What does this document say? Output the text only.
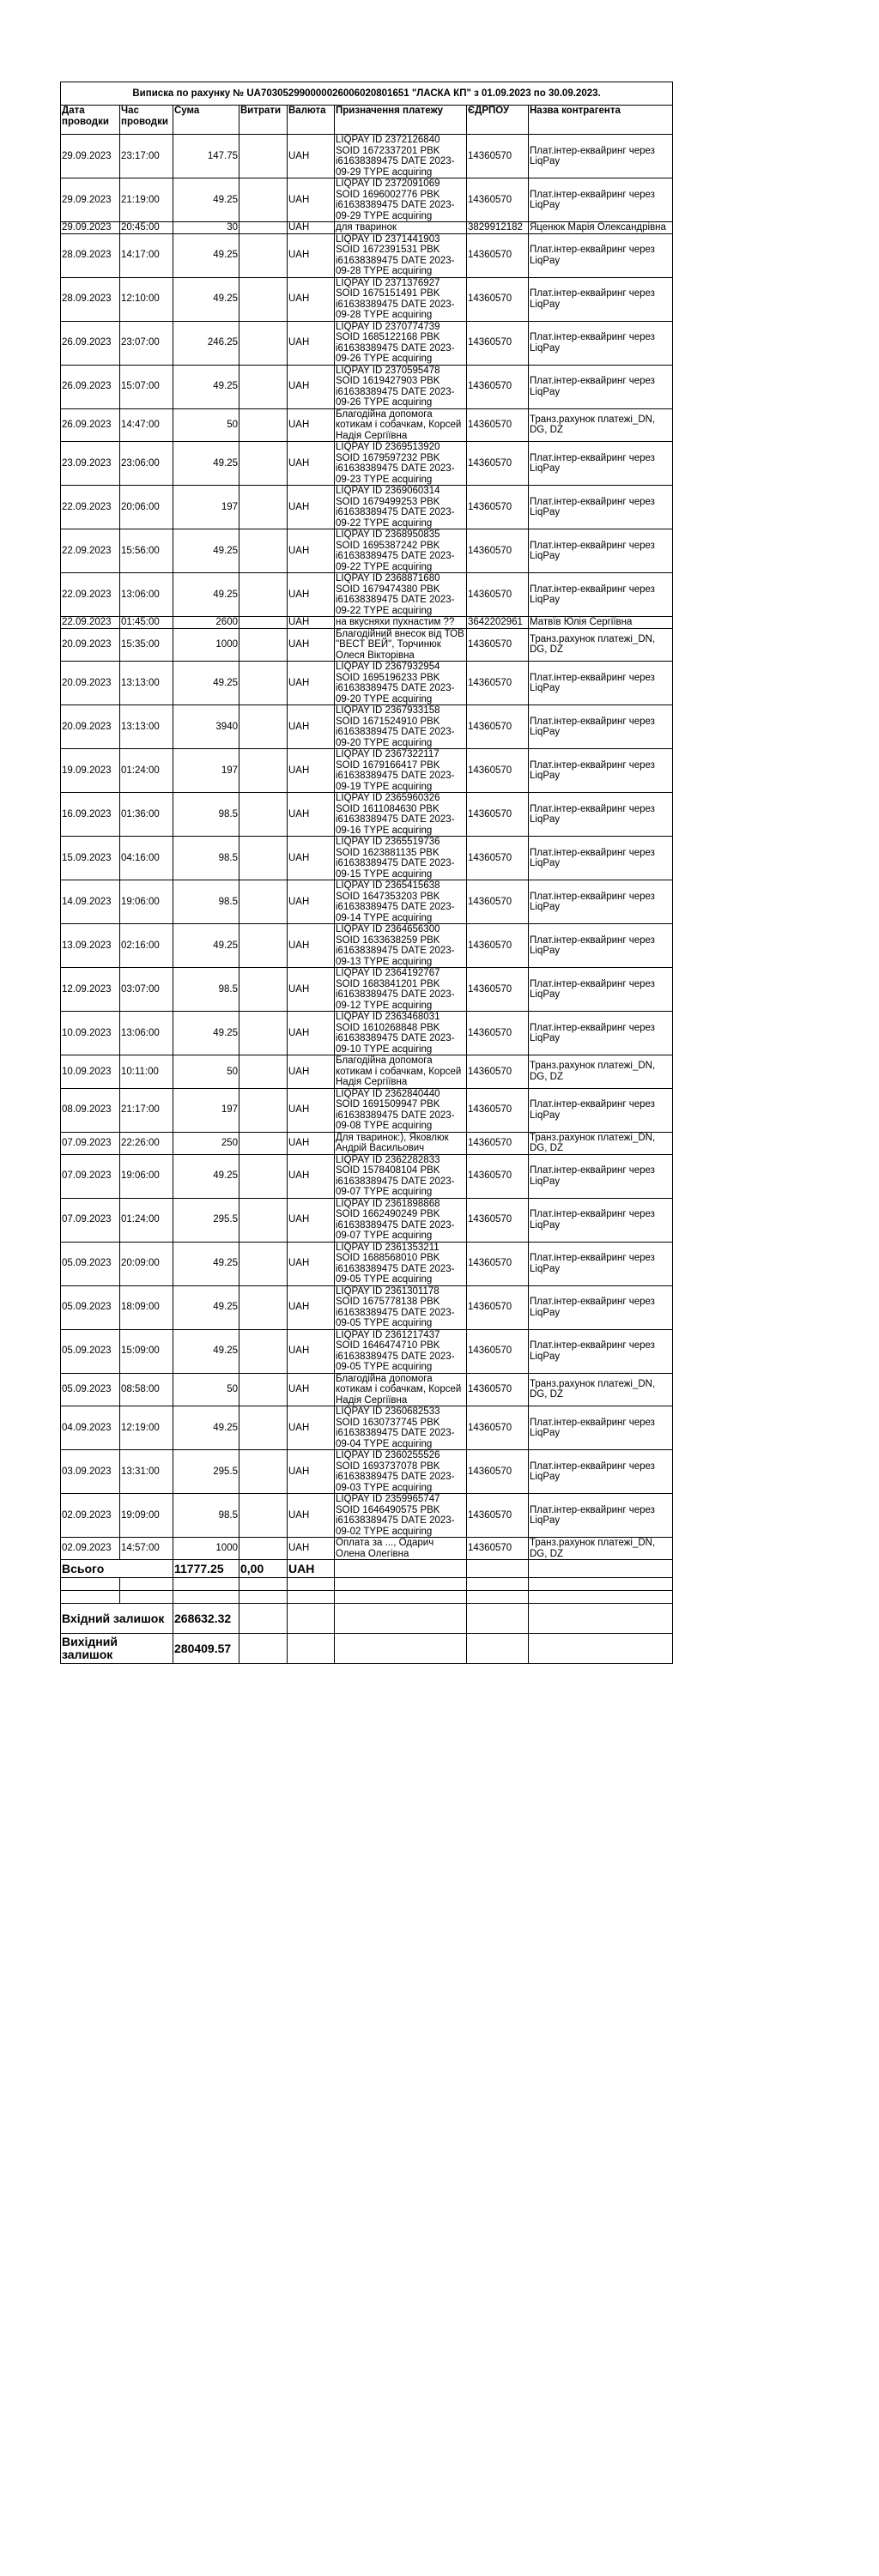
Виписка по рахунку № UA703052990000026006020801651 "ЛАСКА КП" з 01.09.2023 по 30.09.2023.							
Дата проводки	Час проводки	Сума	Витрати	Валюта	Призначення платежу	ЄДРПОУ	Назва контрагента
29.09.2023	23:17:00	147.75		UAH	LIQPAY ID 2372126840 SOID 1672337201 PBK i61638389475 DATE 2023-09-29 TYPE acquiring	14360570	Плат.інтер-еквайринг через LiqPay
29.09.2023	21:19:00	49.25		UAH	LIQPAY ID 2372091069 SOID 1696002776 PBK i61638389475 DATE 2023-09-29 TYPE acquiring	14360570	Плат.інтер-еквайринг через LiqPay
29.09.2023	20:45:00	30		UAH	для тваринок	3829912182	Яценюк Марія Олександрівна
28.09.2023	14:17:00	49.25		UAH	LIQPAY ID 2371441903 SOID 1672391531 PBK i61638389475 DATE 2023-09-28 TYPE acquiring	14360570	Плат.інтер-еквайринг через LiqPay
28.09.2023	12:10:00	49.25		UAH	LIQPAY ID 2371376927 SOID 1675151491 PBK i61638389475 DATE 2023-09-28 TYPE acquiring	14360570	Плат.інтер-еквайринг через LiqPay
26.09.2023	23:07:00	246.25		UAH	LIQPAY ID 2370774739 SOID 1685122168 PBK i61638389475 DATE 2023-09-26 TYPE acquiring	14360570	Плат.інтер-еквайринг через LiqPay
26.09.2023	15:07:00	49.25		UAH	LIQPAY ID 2370595478 SOID 1619427903 PBK i61638389475 DATE 2023-09-26 TYPE acquiring	14360570	Плат.інтер-еквайринг через LiqPay
26.09.2023	14:47:00	50		UAH	Благодійна допомога котикам і собачкам, Корсей Надія Сергіївна	14360570	Транз.рахунок платежі_DN, DG, DZ
23.09.2023	23:06:00	49.25		UAH	LIQPAY ID 2369513920 SOID 1679597232 PBK i61638389475 DATE 2023-09-23 TYPE acquiring	14360570	Плат.інтер-еквайринг через LiqPay
22.09.2023	20:06:00	197		UAH	LIQPAY ID 2369060314 SOID 1679499253 PBK i61638389475 DATE 2023-09-22 TYPE acquiring	14360570	Плат.інтер-еквайринг через LiqPay
22.09.2023	15:56:00	49.25		UAH	LIQPAY ID 2368950835 SOID 1695387242 PBK i61638389475 DATE 2023-09-22 TYPE acquiring	14360570	Плат.інтер-еквайринг через LiqPay
22.09.2023	13:06:00	49.25		UAH	LIQPAY ID 2368871680 SOID 1679474380 PBK i61638389475 DATE 2023-09-22 TYPE acquiring	14360570	Плат.інтер-еквайринг через LiqPay
22.09.2023	01:45:00	2600		UAH	на вкусняхи пухнастим ??	3642202961	Матвїв Юлія Сергіївна
20.09.2023	15:35:00	1000		UAH	Благодійний внесок від ТОВ "ВЕСТ ВЕЙ", Торчинюк Олеся Вікторівна	14360570	Транз.рахунок платежі_DN, DG, DZ
20.09.2023	13:13:00	49.25		UAH	LIQPAY ID 2367932954 SOID 1695196233 PBK i61638389475 DATE 2023-09-20 TYPE acquiring	14360570	Плат.інтер-еквайринг через LiqPay
20.09.2023	13:13:00	3940		UAH	LIQPAY ID 2367933158 SOID 1671524910 PBK i61638389475 DATE 2023-09-20 TYPE acquiring	14360570	Плат.інтер-еквайринг через LiqPay
19.09.2023	01:24:00	197		UAH	LIQPAY ID 2367322117 SOID 1679166417 PBK i61638389475 DATE 2023-09-19 TYPE acquiring	14360570	Плат.інтер-еквайринг через LiqPay
16.09.2023	01:36:00	98.5		UAH	LIQPAY ID 2365960326 SOID 1611084630 PBK i61638389475 DATE 2023-09-16 TYPE acquiring	14360570	Плат.інтер-еквайринг через LiqPay
15.09.2023	04:16:00	98.5		UAH	LIQPAY ID 2365519736 SOID 1623881135 PBK i61638389475 DATE 2023-09-15 TYPE acquiring	14360570	Плат.інтер-еквайринг через LiqPay
14.09.2023	19:06:00	98.5		UAH	LIQPAY ID 2365415638 SOID 1647353203 PBK i61638389475 DATE 2023-09-14 TYPE acquiring	14360570	Плат.інтер-еквайринг через LiqPay
13.09.2023	02:16:00	49.25		UAH	LIQPAY ID 2364656300 SOID 1633638259 PBK i61638389475 DATE 2023-09-13 TYPE acquiring	14360570	Плат.інтер-еквайринг через LiqPay
12.09.2023	03:07:00	98.5		UAH	LIQPAY ID 2364192767 SOID 1683841201 PBK i61638389475 DATE 2023-09-12 TYPE acquiring	14360570	Плат.інтер-еквайринг через LiqPay
10.09.2023	13:06:00	49.25		UAH	LIQPAY ID 2363468031 SOID 1610268848 PBK i61638389475 DATE 2023-09-10 TYPE acquiring	14360570	Плат.інтер-еквайринг через LiqPay
10.09.2023	10:11:00	50		UAH	Благодійна допомога котикам і собачкам, Корсей Надія Сергіївна	14360570	Транз.рахунок платежі_DN, DG, DZ
08.09.2023	21:17:00	197		UAH	LIQPAY ID 2362840440 SOID 1691509947 PBK i61638389475 DATE 2023-09-08 TYPE acquiring	14360570	Плат.інтер-еквайринг через LiqPay
07.09.2023	22:26:00	250		UAH	Для тваринок:), Яковлюк Андрій Васильович	14360570	Транз.рахунок платежі_DN, DG, DZ
07.09.2023	19:06:00	49.25		UAH	LIQPAY ID 2362282833 SOID 1578408104 PBK i61638389475 DATE 2023-09-07 TYPE acquiring	14360570	Плат.інтер-еквайринг через LiqPay
07.09.2023	01:24:00	295.5		UAH	LIQPAY ID 2361898868 SOID 1662490249 PBK i61638389475 DATE 2023-09-07 TYPE acquiring	14360570	Плат.інтер-еквайринг через LiqPay
05.09.2023	20:09:00	49.25		UAH	LIQPAY ID 2361353211 SOID 1688568010 PBK i61638389475 DATE 2023-09-05 TYPE acquiring	14360570	Плат.інтер-еквайринг через LiqPay
05.09.2023	18:09:00	49.25		UAH	LIQPAY ID 2361301178 SOID 1675778138 PBK i61638389475 DATE 2023-09-05 TYPE acquiring	14360570	Плат.інтер-еквайринг через LiqPay
05.09.2023	15:09:00	49.25		UAH	LIQPAY ID 2361217437 SOID 1646474710 PBK i61638389475 DATE 2023-09-05 TYPE acquiring	14360570	Плат.інтер-еквайринг через LiqPay
05.09.2023	08:58:00	50		UAH	Благодійна допомога котикам і собачкам, Корсей Надія Сергіївна	14360570	Транз.рахунок платежі_DN, DG, DZ
04.09.2023	12:19:00	49.25		UAH	LIQPAY ID 2360682533 SOID 1630737745 PBK i61638389475 DATE 2023-09-04 TYPE acquiring	14360570	Плат.інтер-еквайринг через LiqPay
03.09.2023	13:31:00	295.5		UAH	LIQPAY ID 2360255526 SOID 1693737078 PBK i61638389475 DATE 2023-09-03 TYPE acquiring	14360570	Плат.інтер-еквайринг через LiqPay
02.09.2023	19:09:00	98.5		UAH	LIQPAY ID 2359965747 SOID 1646490575 PBK i61638389475 DATE 2023-09-02 TYPE acquiring	14360570	Плат.інтер-еквайринг через LiqPay
02.09.2023	14:57:00	1000		UAH	Оплата за ..., Одарич Олена Олегівна	14360570	Транз.рахунок платежі_DN, DG, DZ
Всього		11777.25	0,00	UAH			

Вхідний залишок		268632.32					
Вихідний залишок		280409.57					
